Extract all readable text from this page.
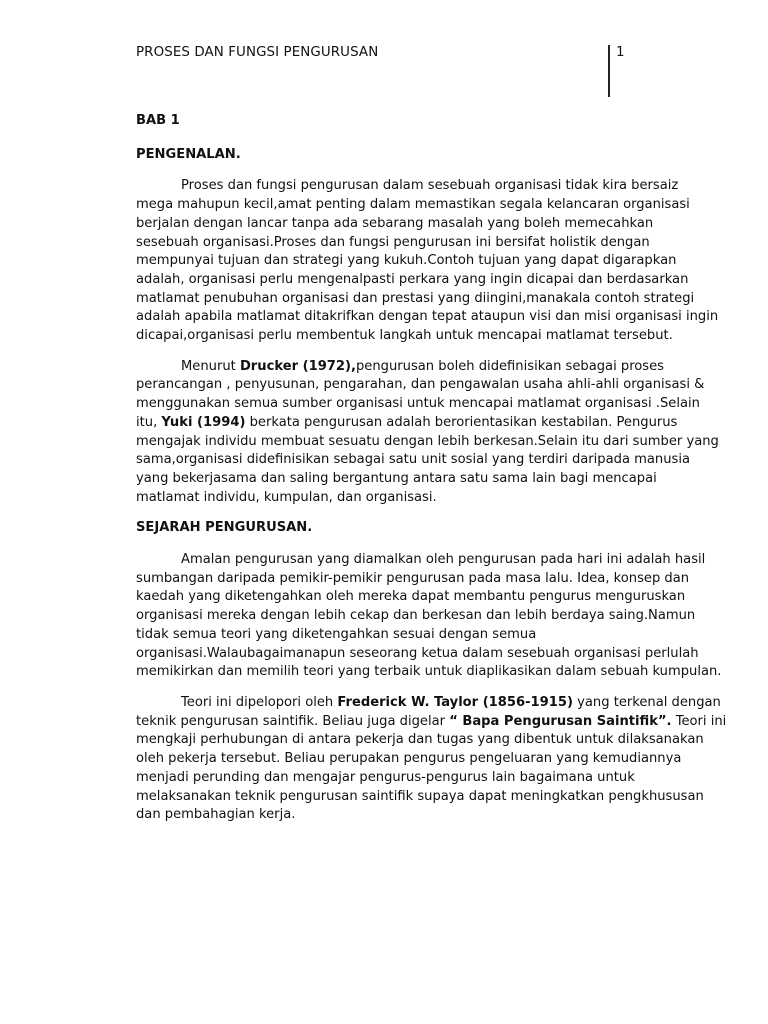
PROSES DAN FUNGSI PENGURUSAN	1

BAB 1

PENGENALAN.

Proses dan fungsi pengurusan dalam sesebuah organisasi tidak kira bersaiz
mega mahupun kecil,amat penting dalam memastikan segala kelancaran organisasi
berjalan dengan lancar tanpa ada sebarang masalah yang boleh memecahkan
sesebuah organisasi.Proses dan fungsi pengurusan ini bersifat holistik dengan
mempunyai tujuan dan strategi yang kukuh.Contoh tujuan yang dapat digarapkan
adalah, organisasi perlu mengenalpasti perkara yang ingin dicapai dan berdasarkan
matlamat penubuhan organisasi dan prestasi yang diingini,manakala contoh strategi
adalah apabila matlamat ditakrifkan dengan tepat ataupun visi dan misi organisasi ingin
dicapai,organisasi perlu membentuk langkah untuk mencapai matlamat tersebut.
Menurut Drucker (1972),pengurusan boleh didefinisikan sebagai proses
perancangan , penyusunan, pengarahan, dan pengawalan usaha ahli-ahli organisasi &
menggunakan semua sumber organisasi untuk mencapai matlamat organisasi .Selain
itu, Yuki (1994) berkata pengurusan adalah berorientasikan kestabilan. Pengurus
mengajak individu membuat sesuatu dengan lebih berkesan.Selain itu dari sumber yang
sama,organisasi didefinisikan sebagai satu unit sosial yang terdiri daripada manusia
yang bekerjasama dan saling bergantung antara satu sama lain bagi mencapai
matlamat individu, kumpulan, dan organisasi.

SEJARAH PENGURUSAN.

Amalan pengurusan yang diamalkan oleh pengurusan pada hari ini adalah hasil
sumbangan daripada pemikir-pemikir pengurusan pada masa lalu. Idea, konsep dan
kaedah yang diketengahkan oleh mereka dapat membantu pengurus menguruskan
organisasi mereka dengan lebih cekap dan berkesan dan lebih berdaya saing.Namun
tidak semua teori yang diketengahkan sesuai dengan semua
organisasi.Walaubagaimanapun seseorang ketua dalam sesebuah organisasi perlulah
memikirkan dan memilih teori yang terbaik untuk diaplikasikan dalam sebuah kumpulan.
Teori ini dipelopori oleh Frederick W. Taylor (1856-1915) yang terkenal dengan
teknik pengurusan saintifik. Beliau juga digelar “ Bapa Pengurusan Saintifik”. Teori ini
mengkaji perhubungan di antara pekerja dan tugas yang dibentuk untuk dilaksanakan
oleh pekerja tersebut. Beliau perupakan pengurus pengeluaran yang kemudiannya
menjadi perunding dan mengajar pengurus-pengurus lain bagaimana untuk
melaksanakan teknik pengurusan saintifik supaya dapat meningkatkan pengkhususan
dan pembahagian kerja.
